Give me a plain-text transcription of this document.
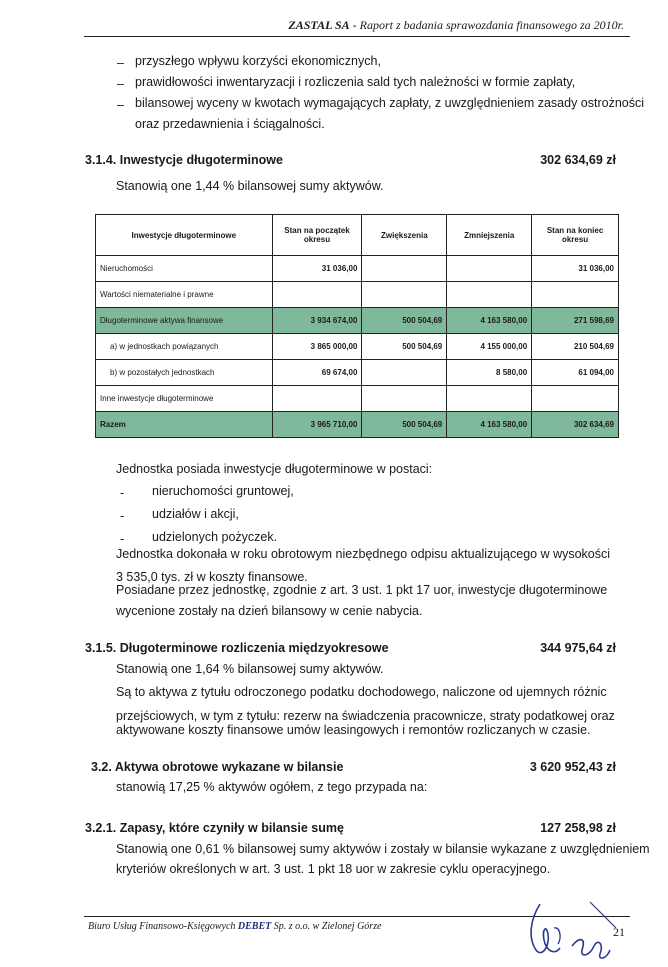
ZASTAL SA - Raport z badania sprawozdania finansowego za 2010r.
– przyszłego wpływu korzyści ekonomicznych,
– prawidłowości inwentaryzacji i rozliczenia sald tych należności w formie zapłaty,
– bilansowej wyceny w kwotach wymagających zapłaty, z uwzględnieniem zasady ostrożności
oraz przedawnienia i ściągalności.
3.1.4. Inwestycje długoterminowe	302 634,69 zł
Stanowią one 1,44 % bilansowej sumy aktywów.
Inwestycje długoterminowe	Stan na początek okresu	Zwiększenia	Zmniejszenia	Stan na koniec okresu
Nieruchomości	31 036,00			31 036,00
Wartości niematerialne i prawne				
Długoterminowe aktywa finansowe	3 934 674,00	500 504,69	4 163 580,00	271 598,69
a) w jednostkach powiązanych	3 865 000,00	500 504,69	4 155 000,00	210 504,69
b) w pozostałych jednostkach	69 674,00		8 580,00	61 094,00
Inne inwestycje długoterminowe				
Razem	3 965 710,00	500 504,69	4 163 580,00	302 634,69
Jednostka posiada inwestycje długoterminowe w postaci:
- nieruchomości gruntowej,
- udziałów i akcji,
- udzielonych pożyczek.
Jednostka dokonała w roku obrotowym niezbędnego odpisu aktualizującego w wysokości
3 535,0 tys. zł w koszty finansowe.
Posiadane przez jednostkę, zgodnie z art. 3 ust. 1 pkt 17 uor, inwestycje długoterminowe
wycenione zostały na dzień bilansowy w cenie nabycia.
3.1.5. Długoterminowe rozliczenia międzyokresowe	344 975,64 zł
Stanowią one 1,64 % bilansowej sumy aktywów.
Są to aktywa z tytułu odroczonego podatku dochodowego, naliczone od ujemnych różnic
przejściowych, w tym z tytułu: rezerw na świadczenia pracownicze, straty podatkowej oraz
aktywowane koszty finansowe umów leasingowych i remontów rozliczanych w czasie.
3.2. Aktywa obrotowe wykazane w bilansie	3 620 952,43 zł
stanowią 17,25 % aktywów ogółem, z tego przypada na:
3.2.1. Zapasy, które czyniły w bilansie sumę	127 258,98 zł
Stanowią one 0,61 % bilansowej sumy aktywów i zostały w bilansie wykazane z uwzględnieniem
kryteriów określonych w art. 3 ust. 1 pkt 18 uor w zakresie cyklu operacyjnego.
Biuro Usług Finansowo-Księgowych DEBET Sp. z o.o. w Zielonej Górze	21
